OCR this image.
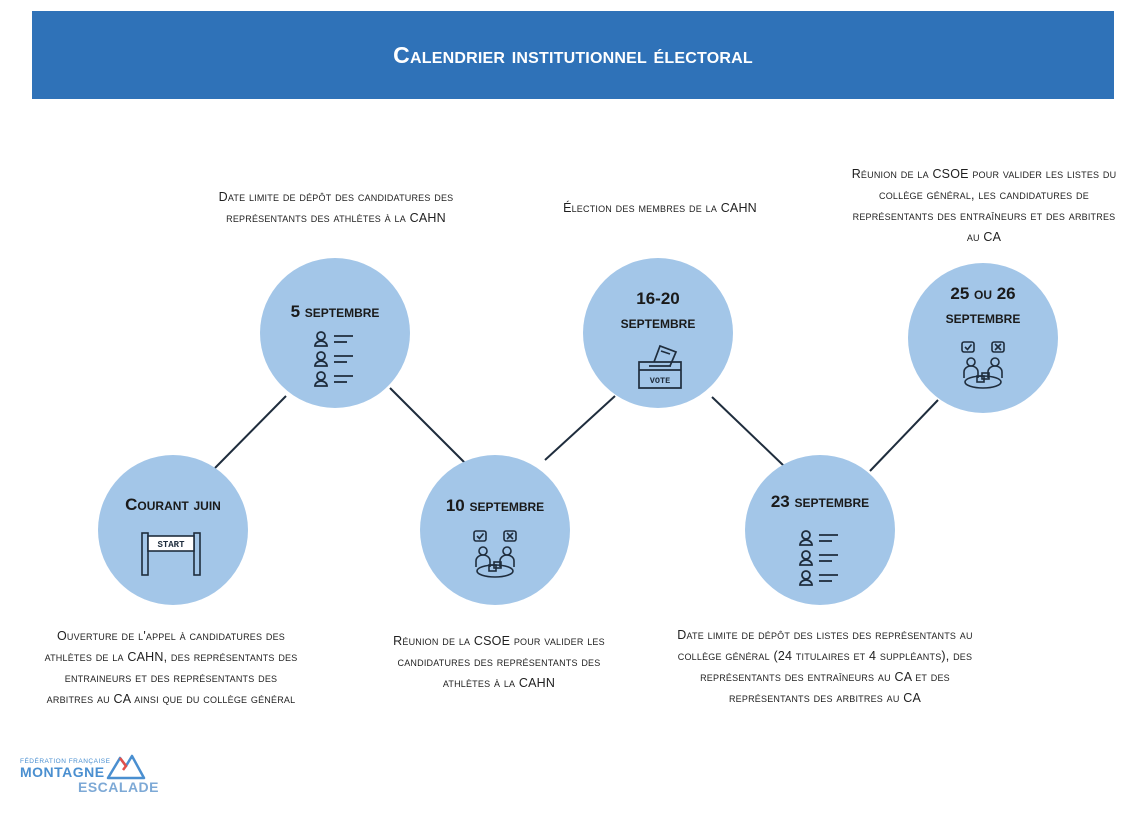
Calendrier institutionnel électoral
Courant juin
START
5 septembre
10 septembre
16-20
septembre
VOTE
23 septembre
25 ou 26
septembre
Ouverture de l'appel à candidatures des athlètes de la CAHN, des représentants des entraineurs et des représentants des arbitres au CA ainsi que du collège général
Date limite de dépôt des candidatures des représentants des athlètes à la CAHN
Réunion de la CSOE pour valider les candidatures des représentants des athlètes à la CAHN
Élection des membres de la CAHN
Date limite de dépôt des listes des représentants au collège général (24 titulaires et 4 suppléants), des représentants des entraîneurs au CA et des représentants des arbitres au CA
Réunion de la CSOE pour valider les listes du collège général, les candidatures de représentants des entraîneurs et des arbitres au CA
FÉDÉRATION FRANÇAISE
MONTAGNE
ESCALADE
